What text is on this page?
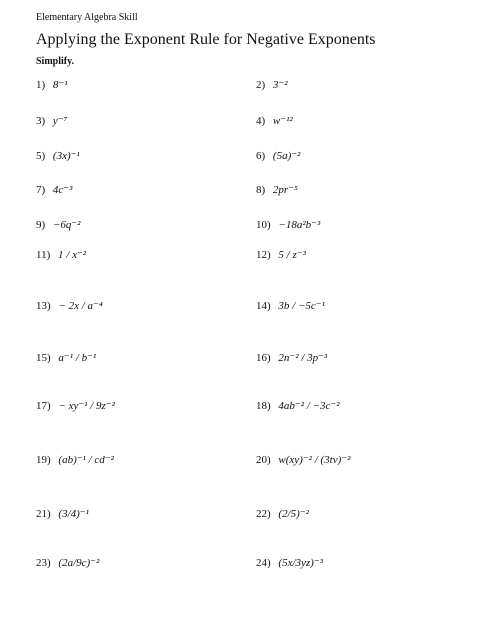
Elementary Algebra Skill
Applying the Exponent Rule for Negative Exponents
Simplify.
1) 8⁻¹	2) 3⁻²
3) y⁻⁷	4) w⁻¹²
5) (3x)⁻¹	6) (5a)⁻²
7) 4c⁻³	8) 2pr⁻⁵
9) −6q⁻²	10) −18a²b⁻³
11) 1 / x⁻²	12) 5 / z⁻³
13) − 2x / a⁻⁴	14) 3b / −5c⁻¹
15) a⁻¹ / b⁻¹	16) 2n⁻² / 3p⁻³
17) − xy⁻¹ / 9z⁻²	18) 4ab⁻² / −3c⁻²
19) (ab)⁻¹ / cd⁻²	20) w(xy)⁻² / (3tv)⁻²
21) (3/4)⁻¹	22) (2/5)⁻²
23) (2a/9c)⁻²	24) (5x/3yz)⁻³
